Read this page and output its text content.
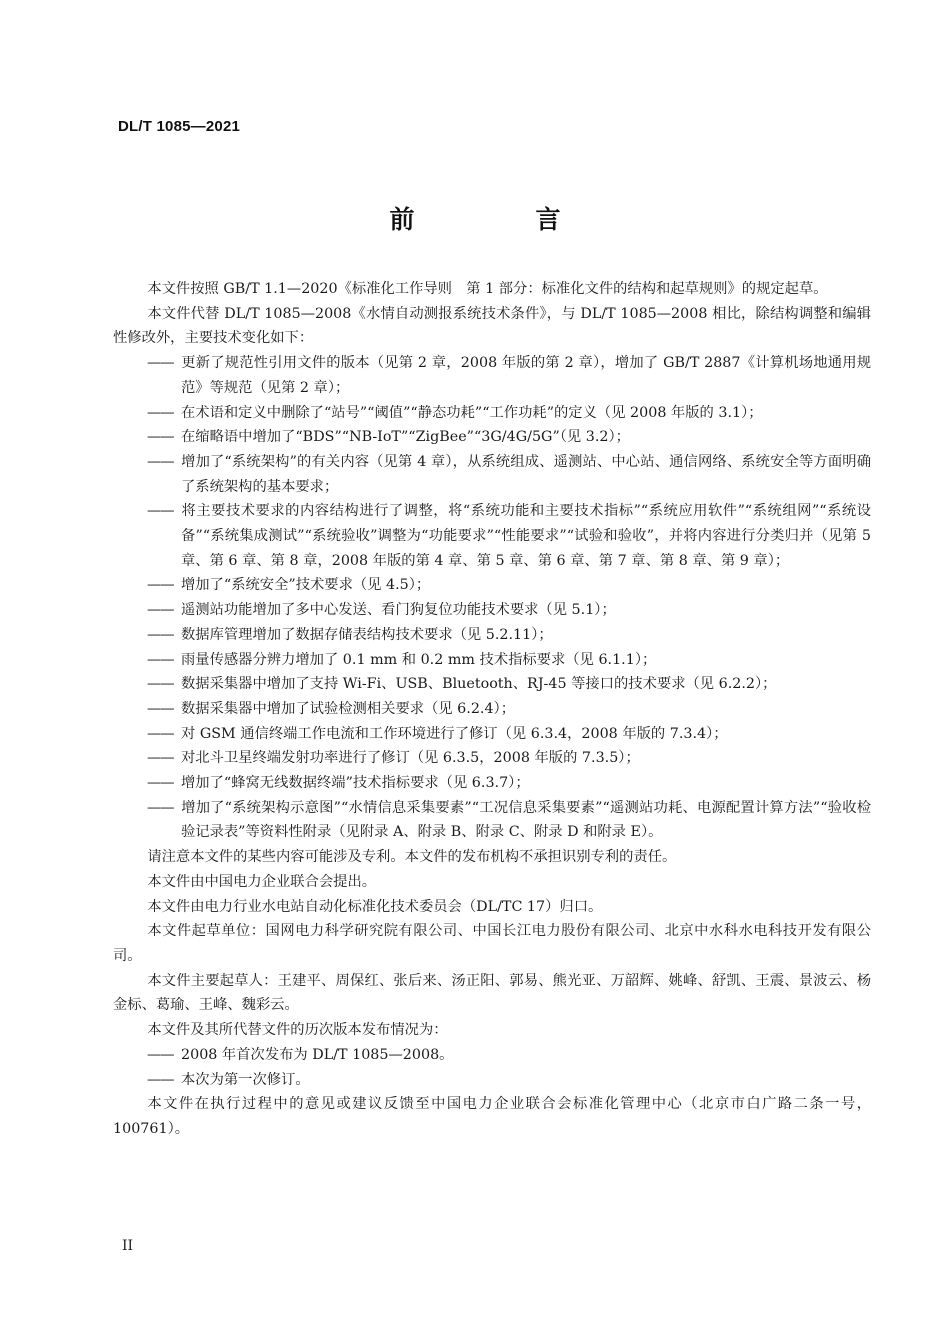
DL/T 1085—2021
前　言

本文件按照 GB/T 1.1—2020《标准化工作导则　第 1 部分：标准化文件的结构和起草规则》的规定起草。

本文件代替 DL/T 1085—2008《水情自动测报系统技术条件》，与 DL/T 1085—2008 相比，除结构调整和编辑性修改外，主要技术变化如下：

—— 更新了规范性引用文件的版本（见第 2 章，2008 年版的第 2 章），增加了 GB/T 2887《计算机场地通用规范》等规范（见第 2 章）；

—— 在术语和定义中删除了“站号”“阈值”“静态功耗”“工作功耗”的定义（见 2008 年版的 3.1）；

—— 在缩略语中增加了“BDS”“NB-IoT”“ZigBee”“3G/4G/5G”（见 3.2）；

—— 增加了“系统架构”的有关内容（见第 4 章），从系统组成、遥测站、中心站、通信网络、系统安全等方面明确了系统架构的基本要求；

—— 将主要技术要求的内容结构进行了调整，将“系统功能和主要技术指标”“系统应用软件”“系统组网”“系统设备”“系统集成测试”“系统验收”调整为“功能要求”“性能要求”“试验和验收”，并将内容进行分类归并（见第 5 章、第 6 章、第 8 章，2008 年版的第 4 章、第 5 章、第 6 章、第 7 章、第 8 章、第 9 章）；

—— 增加了“系统安全”技术要求（见 4.5）；

—— 遥测站功能增加了多中心发送、看门狗复位功能技术要求（见 5.1）；

—— 数据库管理增加了数据存储表结构技术要求（见 5.2.11）；

—— 雨量传感器分辨力增加了 0.1 mm 和 0.2 mm 技术指标要求（见 6.1.1）；

—— 数据采集器中增加了支持 Wi-Fi、USB、Bluetooth、RJ-45 等接口的技术要求（见 6.2.2）；

—— 数据采集器中增加了试验检测相关要求（见 6.2.4）；

—— 对 GSM 通信终端工作电流和工作环境进行了修订（见 6.3.4，2008 年版的 7.3.4）；

—— 对北斗卫星终端发射功率进行了修订（见 6.3.5，2008 年版的 7.3.5）；

—— 增加了“蜂窝无线数据终端”技术指标要求（见 6.3.7）；

—— 增加了“系统架构示意图”“水情信息采集要素”“工况信息采集要素”“遥测站功耗、电源配置计算方法”“验收检验记录表”等资料性附录（见附录 A、附录 B、附录 C、附录 D 和附录 E）。

请注意本文件的某些内容可能涉及专利。本文件的发布机构不承担识别专利的责任。

本文件由中国电力企业联合会提出。

本文件由电力行业水电站自动化标准化技术委员会（DL/TC 17）归口。

本文件起草单位：国网电力科学研究院有限公司、中国长江电力股份有限公司、北京中水科水电科技开发有限公司。

本文件主要起草人：王建平、周保红、张后来、汤正阳、郭易、熊光亚、万韶辉、姚峰、舒凯、王震、景波云、杨金标、葛瑜、王峰、魏彩云。

本文件及其所代替文件的历次版本发布情况为：

—— 2008 年首次发布为 DL/T 1085—2008。

—— 本次为第一次修订。

本文件在执行过程中的意见或建议反馈至中国电力企业联合会标准化管理中心（北京市白广路二条一号，100761）。

II
